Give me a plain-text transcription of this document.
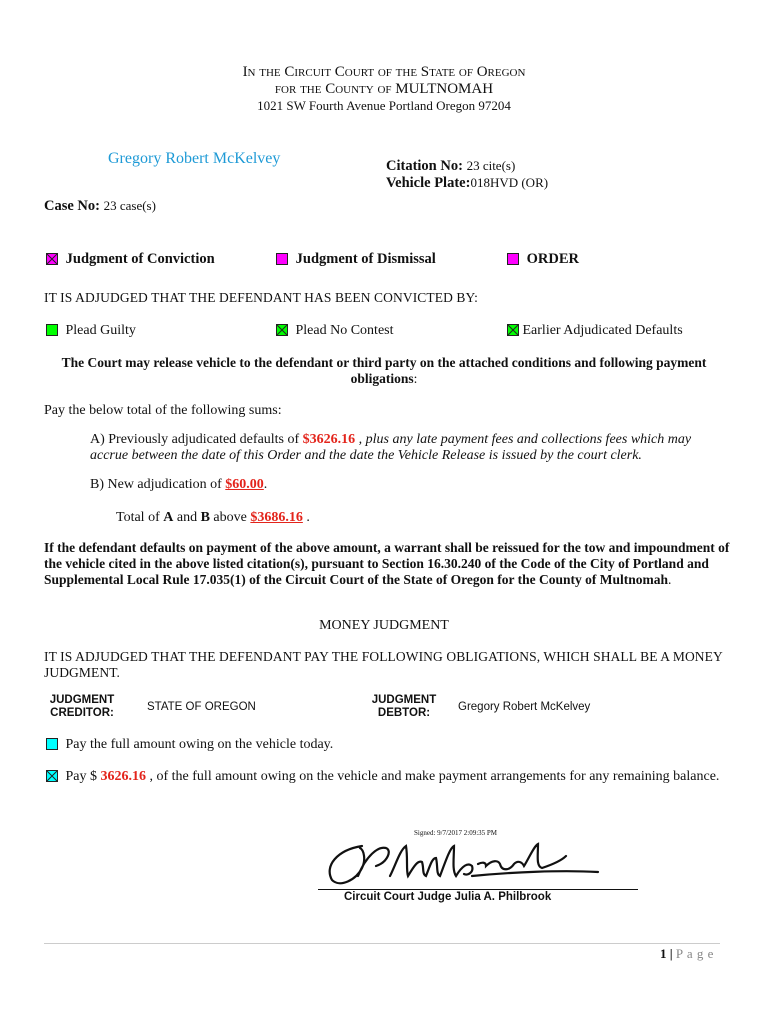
In the Circuit Court of the State of Oregon
for the County of MULTNOMAH
1021 SW Fourth Avenue Portland Oregon 97204
Gregory Robert McKelvey	Citation No: 23 cite(s)
Vehicle Plate:018HVD (OR)
Case No: 23 case(s)
Judgment of Conviction	Judgment of Dismissal	ORDER
IT IS ADJUDGED THAT THE DEFENDANT HAS BEEN CONVICTED BY:
Plead Guilty	Plead No Contest	Earlier Adjudicated Defaults
The Court may release vehicle to the defendant or third party on the attached conditions and following payment obligations:
Pay the below total of the following sums:
A) Previously adjudicated defaults of $3626.16 , plus any late payment fees and collections fees which may accrue between the date of this Order and the date the Vehicle Release is issued by the court clerk.
B) New adjudication of $60.00.
Total of A and B above $3686.16 .
If the defendant defaults on payment of the above amount, a warrant shall be reissued for the tow and impoundment of the vehicle cited in the above listed citation(s), pursuant to Section 16.30.240 of the Code of the City of Portland and Supplemental Local Rule 17.035(1) of the Circuit Court of the State of Oregon for the County of Multnomah.
MONEY JUDGMENT
IT IS ADJUDGED THAT THE DEFENDANT PAY THE FOLLOWING OBLIGATIONS, WHICH SHALL BE A MONEY JUDGMENT.
JUDGMENT
CREDITOR:	STATE OF OREGON
JUDGMENT
DEBTOR:	Gregory Robert McKelvey
Pay the full amount owing on the vehicle today.
Pay $ 3626.16 , of the full amount owing on the vehicle and make payment arrangements for any remaining balance.
Signed: 9/7/2017 2:09:35 PM
Circuit Court Judge Julia A. Philbrook
1 | P a g e
